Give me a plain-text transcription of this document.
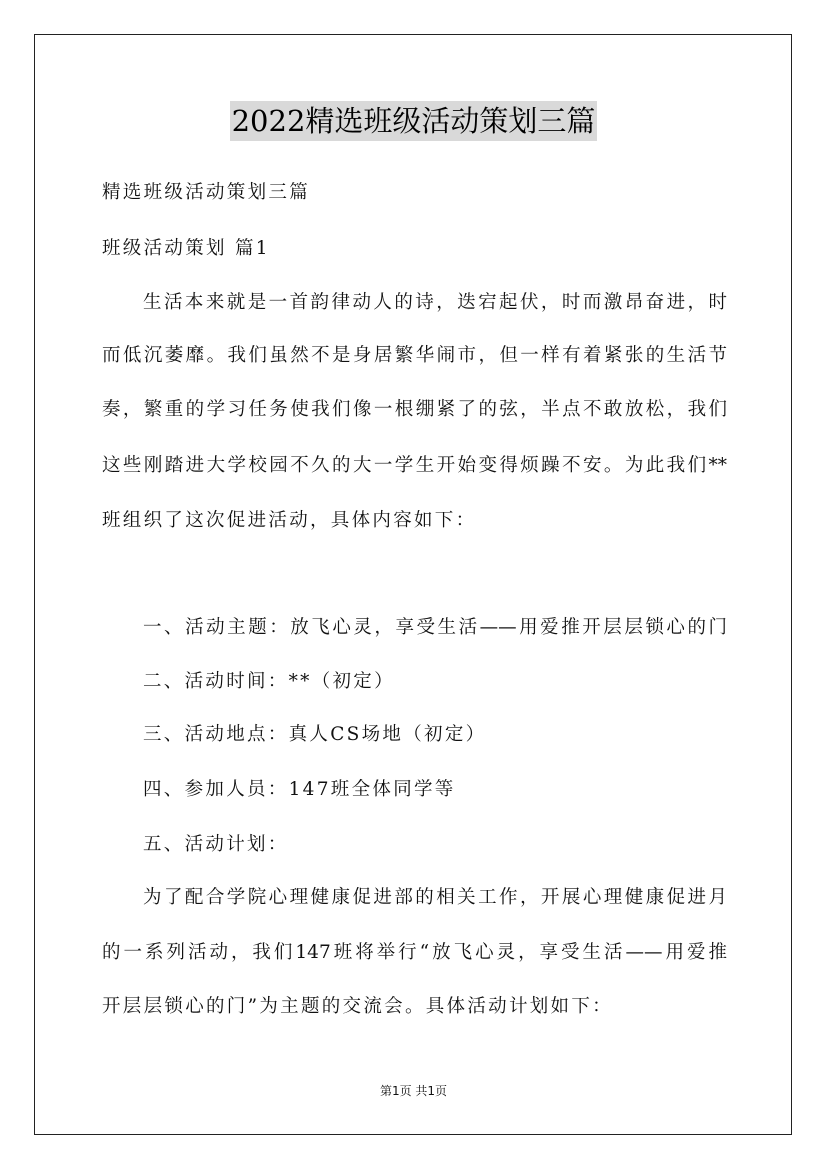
2022精选班级活动策划三篇
精选班级活动策划三篇
班级活动策划 篇1
生活本来就是一首韵律动人的诗，迭宕起伏，时而激昂奋进，时
而低沉萎靡。我们虽然不是身居繁华闹市，但一样有着紧张的生活节
奏，繁重的学习任务使我们像一根绷紧了的弦，半点不敢放松，我们
这些刚踏进大学校园不久的大一学生开始变得烦躁不安。为此我们**
班组织了这次促进活动，具体内容如下：
一、活动主题：放飞心灵，享受生活——用爱推开层层锁心的门
二、活动时间：**（初定）
三、活动地点：真人CS场地（初定）
四、参加人员：147班全体同学等
五、活动计划：
为了配合学院心理健康促进部的相关工作，开展心理健康促进月
的一系列活动，我们147班将举行“放飞心灵，享受生活——用爱推
开层层锁心的门”为主题的交流会。具体活动计划如下：
第1页 共1页
